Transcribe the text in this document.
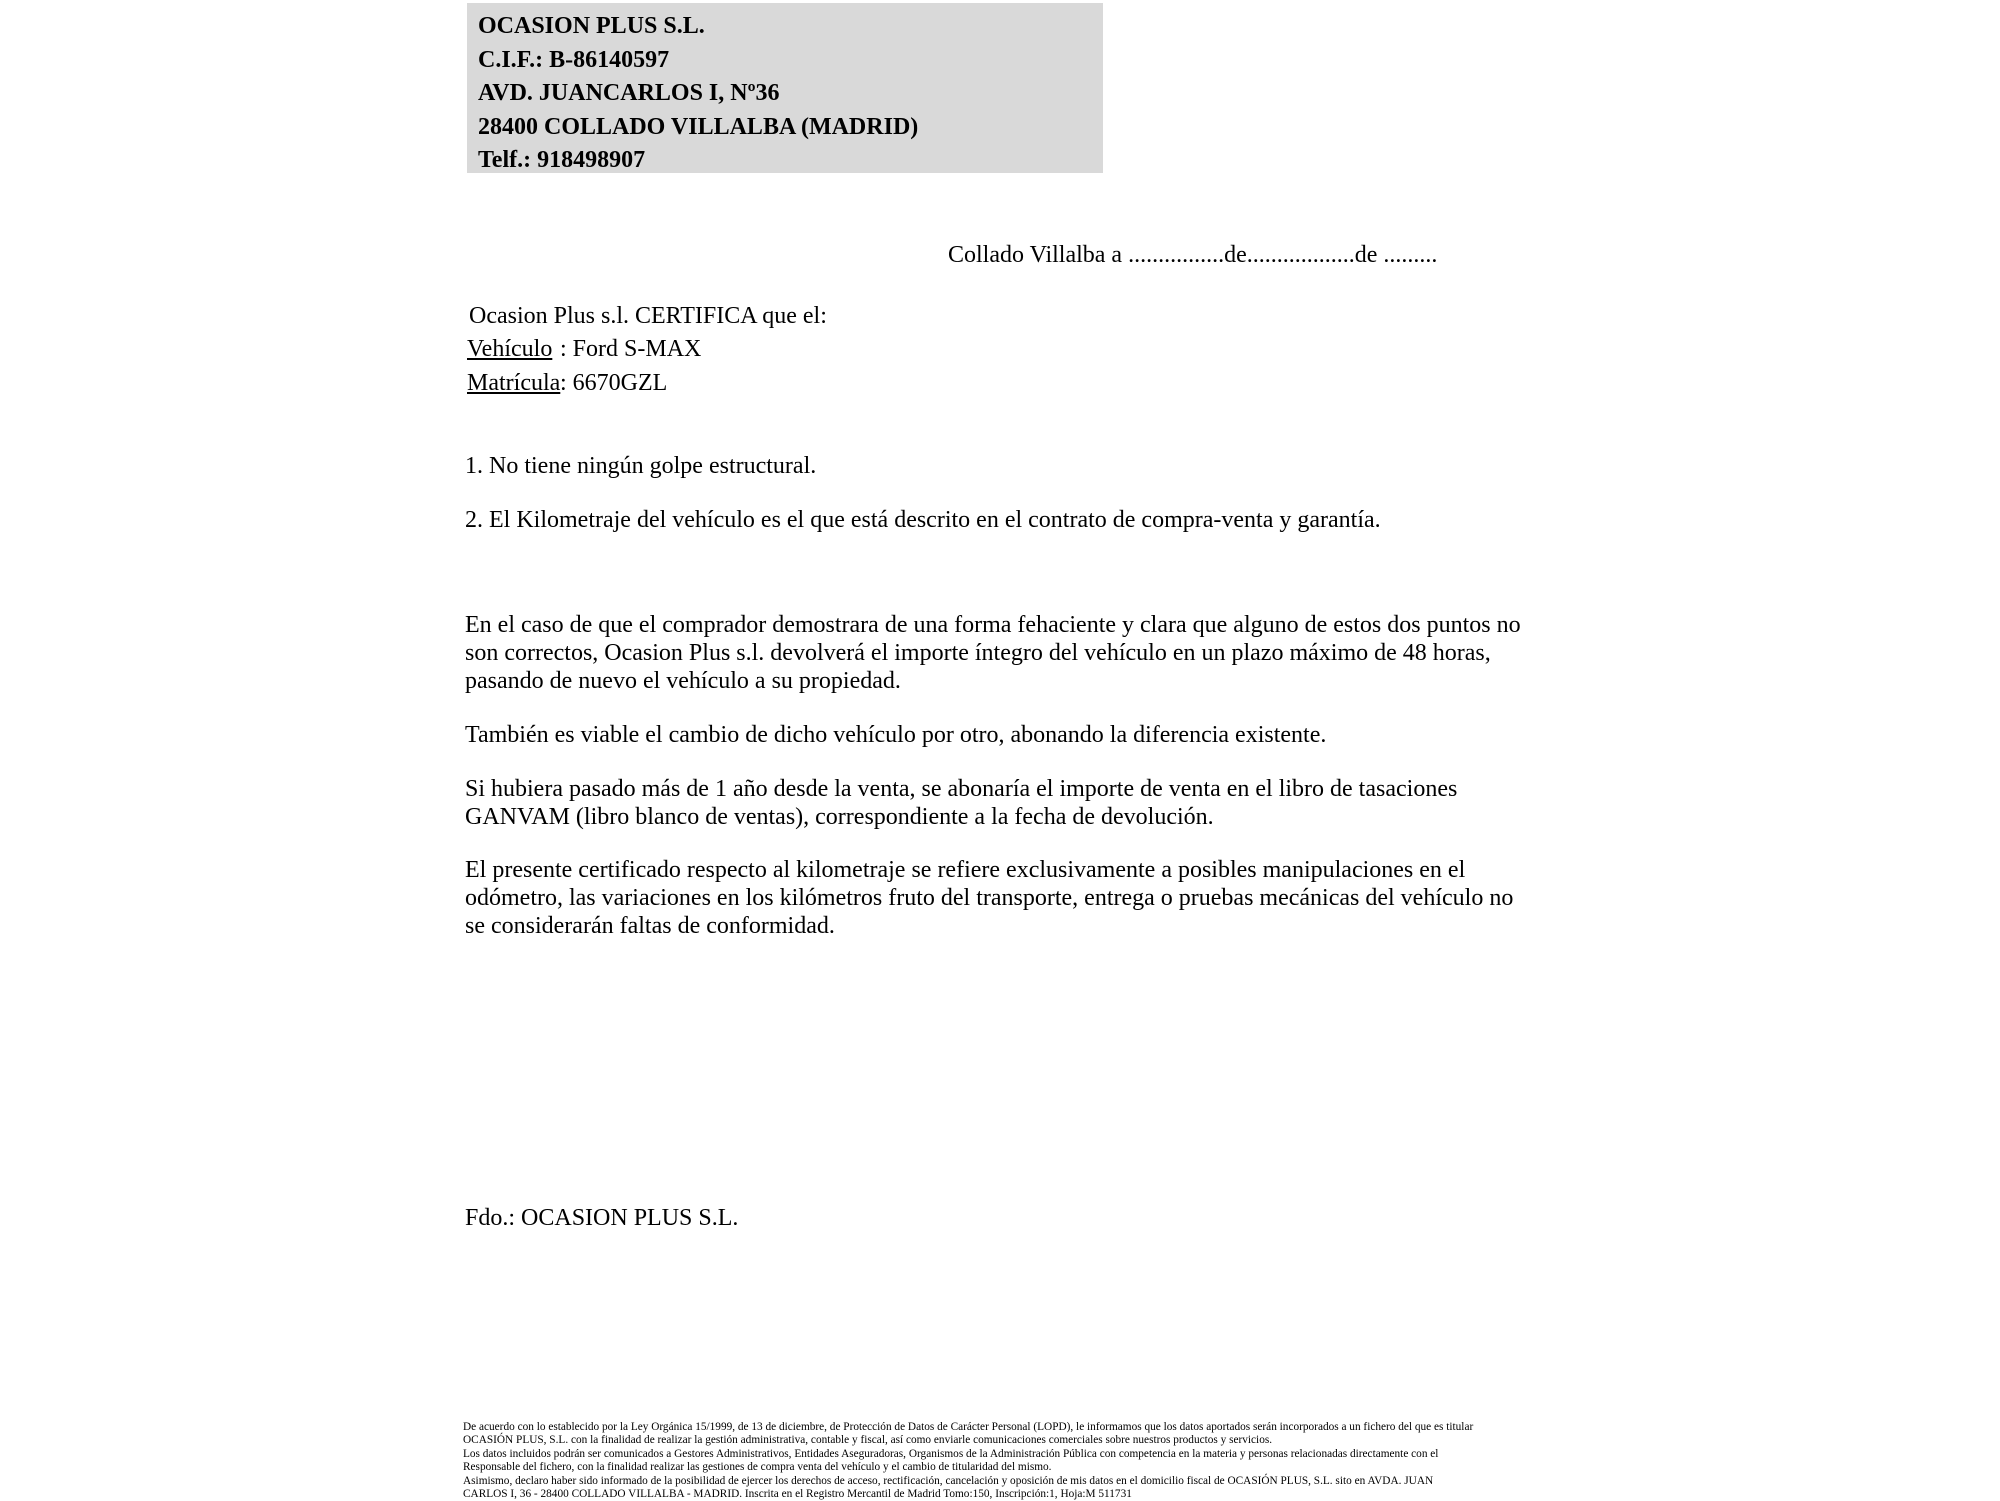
OCASION PLUS S.L.
C.I.F.: B-86140597
AVD. JUANCARLOS I, Nº36
28400 COLLADO VILLALBA (MADRID)
Telf.: 918498907
Collado Villalba a ................de..................de .........
Ocasion Plus s.l. CERTIFICA que el:
Vehículo : Ford S-MAX
Matrícula: 6670GZL
1. No tiene ningún golpe estructural.
2. El Kilometraje del vehículo es el que está descrito en el contrato de compra-venta y garantía.
En el caso de que el comprador demostrara de una forma fehaciente y clara que alguno de estos dos puntos no son correctos, Ocasion Plus s.l. devolverá el importe íntegro del vehículo en un plazo máximo de 48 horas, pasando de nuevo el vehículo a su propiedad.
También es viable el cambio de dicho vehículo por otro, abonando la diferencia existente.
Si hubiera pasado más de 1 año desde la venta, se abonaría el importe de venta en el libro de tasaciones GANVAM (libro blanco de ventas), correspondiente a la fecha de devolución.
El presente certificado respecto al kilometraje se refiere exclusivamente a posibles manipulaciones en el odómetro, las variaciones en los kilómetros fruto del transporte, entrega o pruebas mecánicas del vehículo no se considerarán faltas de conformidad.
Fdo.: OCASION PLUS S.L.
De acuerdo con lo establecido por la Ley Orgánica 15/1999, de 13 de diciembre, de Protección de Datos de Carácter Personal (LOPD), le informamos que los datos aportados serán incorporados a un fichero del que es titular
OCASIÓN PLUS, S.L. con la finalidad de realizar la gestión administrativa, contable y fiscal, así como enviarle comunicaciones comerciales sobre nuestros productos y servicios.
Los datos incluidos podrán ser comunicados a Gestores Administrativos, Entidades Aseguradoras, Organismos de la Administración Pública con competencia en la materia y personas relacionadas directamente con el
Responsable del fichero, con la finalidad realizar las gestiones de compra venta del vehículo y el cambio de titularidad del mismo.
Asimismo, declaro haber sido informado de la posibilidad de ejercer los derechos de acceso, rectificación, cancelación y oposición de mis datos en el domicilio fiscal de OCASIÓN PLUS, S.L. sito en AVDA. JUAN
CARLOS I, 36 - 28400 COLLADO VILLALBA - MADRID. Inscrita en el Registro Mercantil de Madrid Tomo:150, Inscripción:1, Hoja:M 511731
